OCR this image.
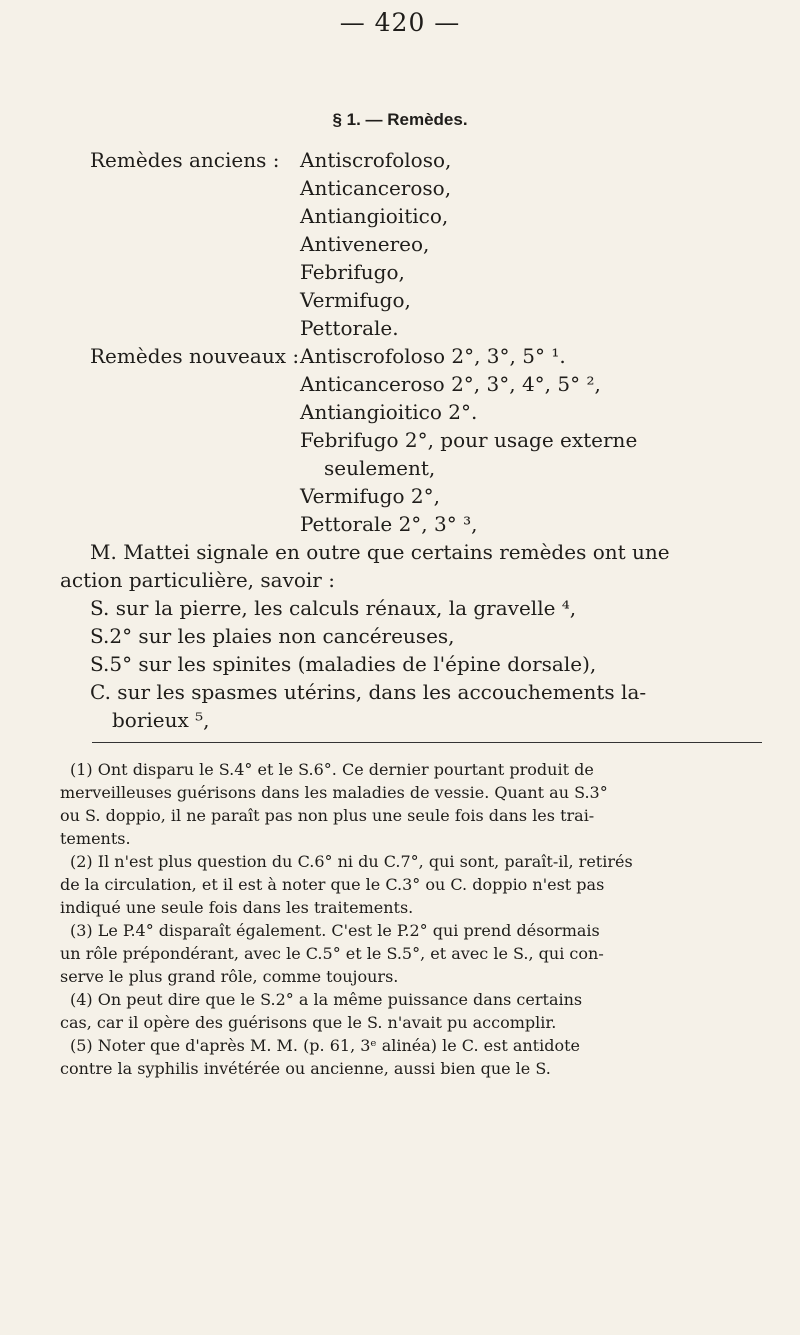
— 420 —
§ 1. — Remèdes.
Remèdes anciens : Antiscrofoloso,
Anticanceroso,
Antiangioitico,
Antivenereo,
Febrifugo,
Vermifugo,
Pettorale.
Remèdes nouveaux : Antiscrofoloso 2°, 3°, 5° ¹.
Anticanceroso 2°, 3°, 4°, 5° ²,
Antiangioitico 2°.
Febrifugo 2°, pour usage externe
seulement,
Vermifugo 2°,
Pettorale 2°, 3° ³,
M. Mattei signale en outre que certains remèdes ont une
action particulière, savoir :
S. sur la pierre, les calculs rénaux, la gravelle ⁴,
(1) Ont disparu le S.4° et le S.6°. Ce dernier pourtant produit de
merveilleuses guérisons dans les maladies de vessie. Quant au S.3°
ou S. doppio, il ne paraît pas non plus une seule fois dans les trai-
tements.
(2) Il n'est plus question du C.6° ni du C.7°, qui sont, paraît-il, retirés
de la circulation, et il est à noter que le C.3° ou C. doppio n'est pas
indiqué une seule fois dans les traitements.
(3) Le P.4° disparaît également. C'est le P.2° qui prend désormais
un rôle prépondérant, avec le C.5° et le S.5°, et avec le S., qui con-
serve le plus grand rôle, comme toujours.
(4) On peut dire que le S.2° a la même puissance dans certains
cas, car il opère des guérisons que le S. n'avait pu accomplir.
(5) Noter que d'après M. M. (p. 61, 3ᵉ alinéa) le C. est antidote
contre la syphilis invétérée ou ancienne, aussi bien que le S.
S.2° sur les plaies non cancéreuses,
S.5° sur les spinites (maladies de l'épine dorsale),
C. sur les spasmes utérins, dans les accouchements la-
borieux ⁵,
